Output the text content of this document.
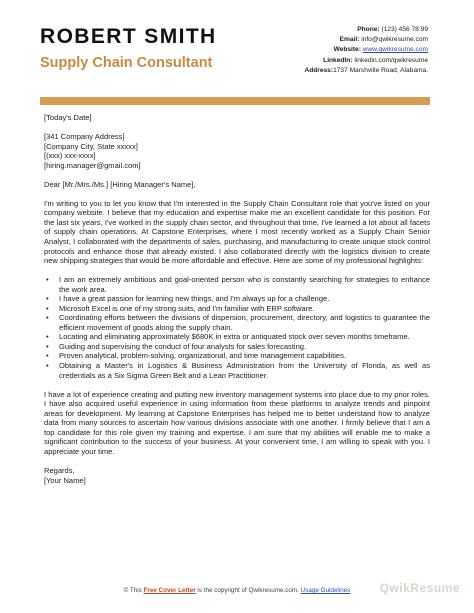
ROBERT SMITH
Supply Chain Consultant
Phone: (123) 456 78 99
Email: info@qwikresume.com
Website: www.qwikresume.com
LinkedIn: linkedin.com/qwikresume
Address:1737 Marshville Road, Alabama.

[Today's Date]

[341 Company Address]

[Company City, State xxxxx]

[(xxx) xxx-xxxx]

[hiring.manager@gmail.com]

Dear [Mr./Mrs./Ms.] [Hiring Manager's Name],

I'm writing to you to let you know that I'm interested in the Supply Chain Consultant role that you've listed on your company website. I believe that my education and expertise make me an excellent candidate for this position. For the last six years, I've worked in the supply chain sector, and throughout that time, I've learned a lot about all facets of supply chain operations. At Capstone Enterprises, where I most recently worked as a Supply Chain Senior Analyst, I collaborated with the departments of sales, purchasing, and manufacturing to create unique stock control protocols and enhance those that already existed. I also collaborated directly with the logistics division to create new shipping strategies that would be more affordable and effective. Here are some of my professional highlights:

• I am an extremely ambitious and goal-oriented person who is constantly searching for strategies to enhance the work area.
• I have a great passion for learning new things, and I'm always up for a challenge.
• Microsoft Excel is one of my strong suits, and I'm familiar with ERP software.
• Coordinating efforts between the divisions of dispersion, procurement, directory, and logistics to guarantee the efficient movement of goods along the supply chain.
• Locating and eliminating approximately $680K in extra or antiquated stock over seven months timeframe.
• Guiding and supervising the conduct of four analysts for sales forecasting.
• Proven analytical, problem-solving, organizational, and time management capabilities.
• Obtaining a Master's in Logistics & Business Administration from the University of Florida, as well as credentials as a Six Sigma Green Belt and a Lean Practitioner.

I have a lot of experience creating and putting new inventory management systems into place due to my prior roles. I have also acquired useful experience in using information from these platforms to analyze trends and pinpoint areas for development. My learning at Capstone Enterprises has helped me to better understand how to analyze data from many sources to ascertain how various divisions associate with one another. I firmly believe that I am a top candidate for this role given my training and expertise. I am sure that my abilities will enable me to make a significant contribution to the success of your business. At your convenient time, I am willing to speak with you. I appreciate your time.

Regards,

[Your Name]

© This Free Cover Letter is the copyright of Qwikresume.com. Usage Guidelines	QwikResume
